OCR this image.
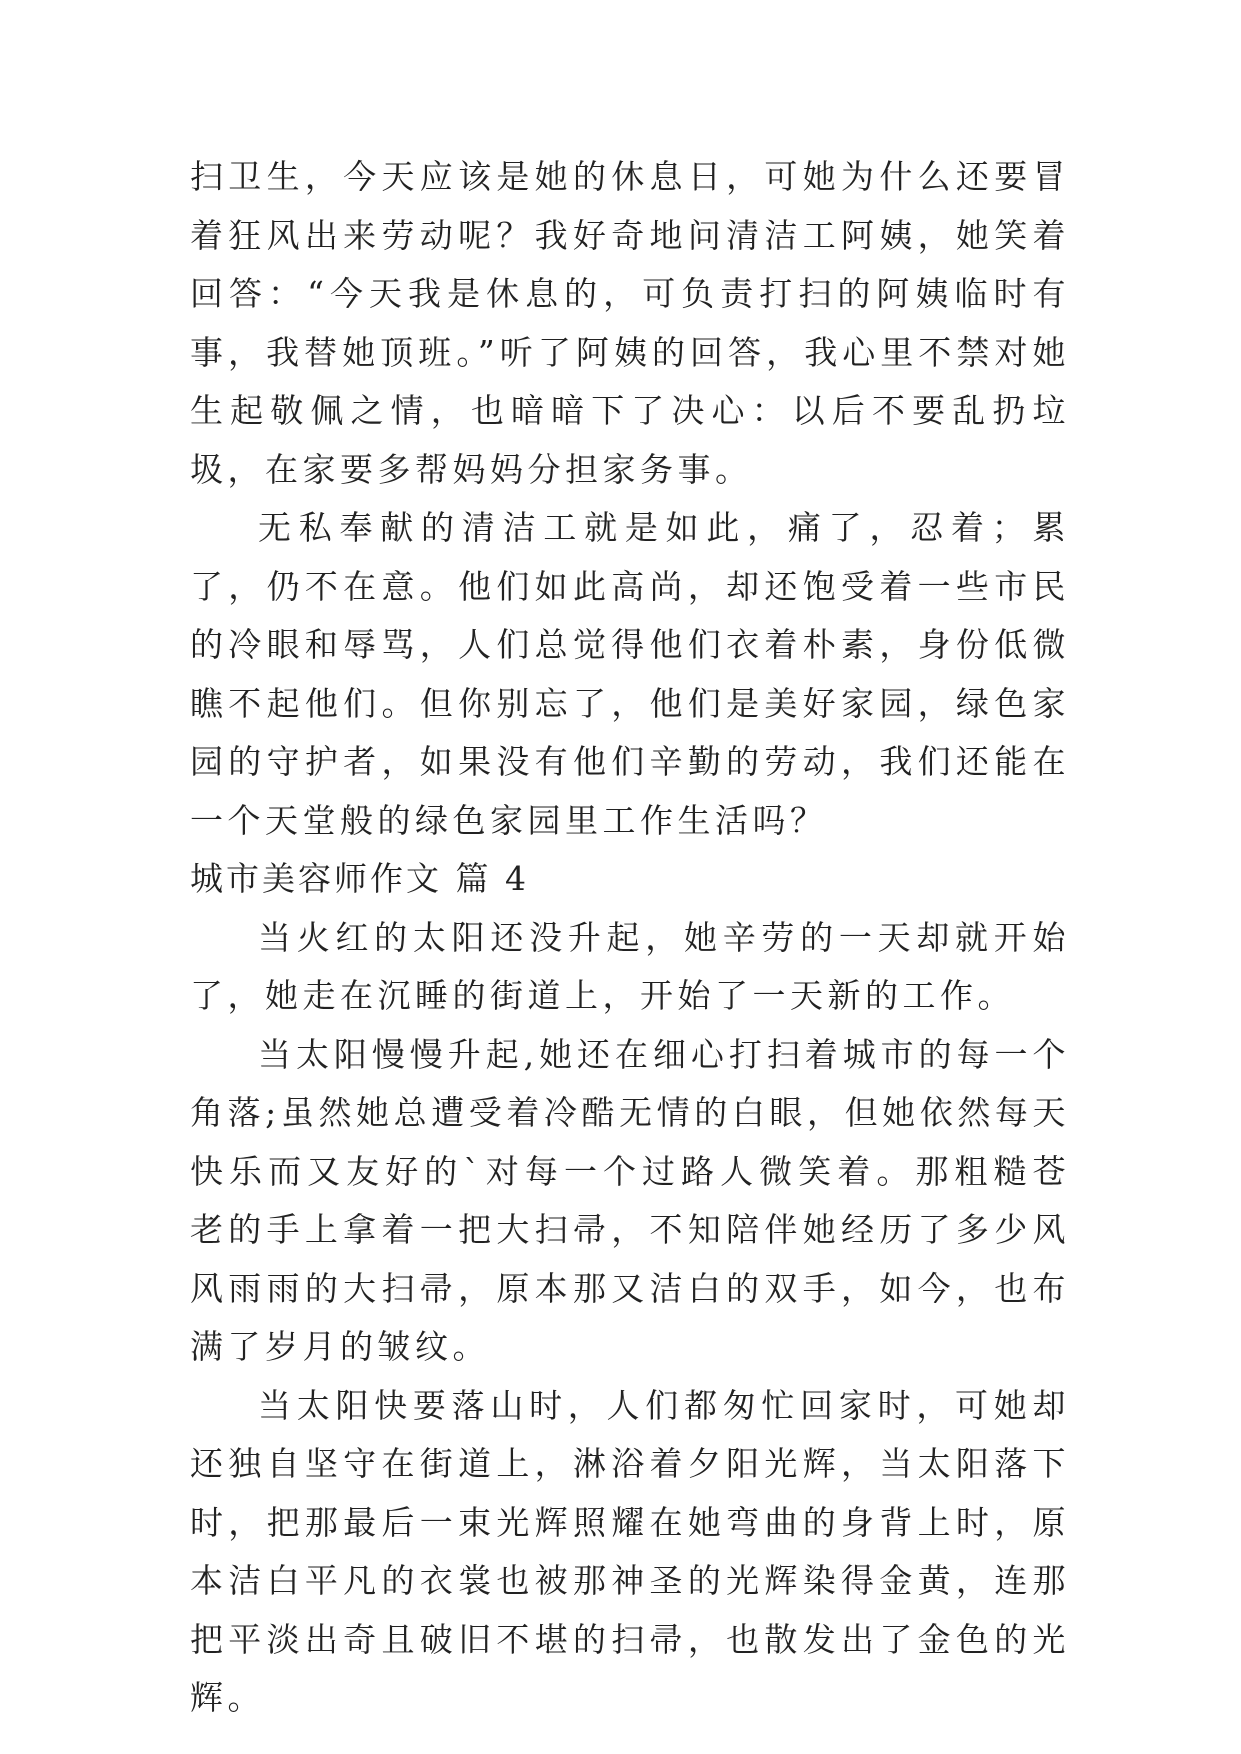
扫卫生，今天应该是她的休息日，可她为什么还要冒着狂风出来劳动呢？我好奇地问清洁工阿姨，她笑着回答：“今天我是休息的，可负责打扫的阿姨临时有事，我替她顶班。”听了阿姨的回答，我心里不禁对她生起敬佩之情，也暗暗下了决心：以后不要乱扔垃圾，在家要多帮妈妈分担家务事。

无私奉献的清洁工就是如此，痛了，忍着；累了，仍不在意。他们如此高尚，却还饱受着一些市民的冷眼和辱骂，人们总觉得他们衣着朴素，身份低微瞧不起他们。但你别忘了，他们是美好家园，绿色家园的守护者，如果没有他们辛勤的劳动，我们还能在一个天堂般的绿色家园里工作生活吗？

城市美容师作文 篇 4

当火红的太阳还没升起，她辛劳的一天却就开始了，她走在沉睡的街道上，开始了一天新的工作。

当太阳慢慢升起,她还在细心打扫着城市的每一个角落;虽然她总遭受着冷酷无情的白眼，但她依然每天快乐而又友好的`对每一个过路人微笑着。那粗糙苍老的手上拿着一把大扫帚，不知陪伴她经历了多少风风雨雨的大扫帚，原本那又洁白的双手，如今，也布满了岁月的皱纹。

当太阳快要落山时，人们都匆忙回家时，可她却还独自坚守在街道上，淋浴着夕阳光辉，当太阳落下时，把那最后一束光辉照耀在她弯曲的身背上时，原本洁白平凡的衣裳也被那神圣的光辉染得金黄，连那把平淡出奇且破旧不堪的扫帚，也散发出了金色的光辉。
